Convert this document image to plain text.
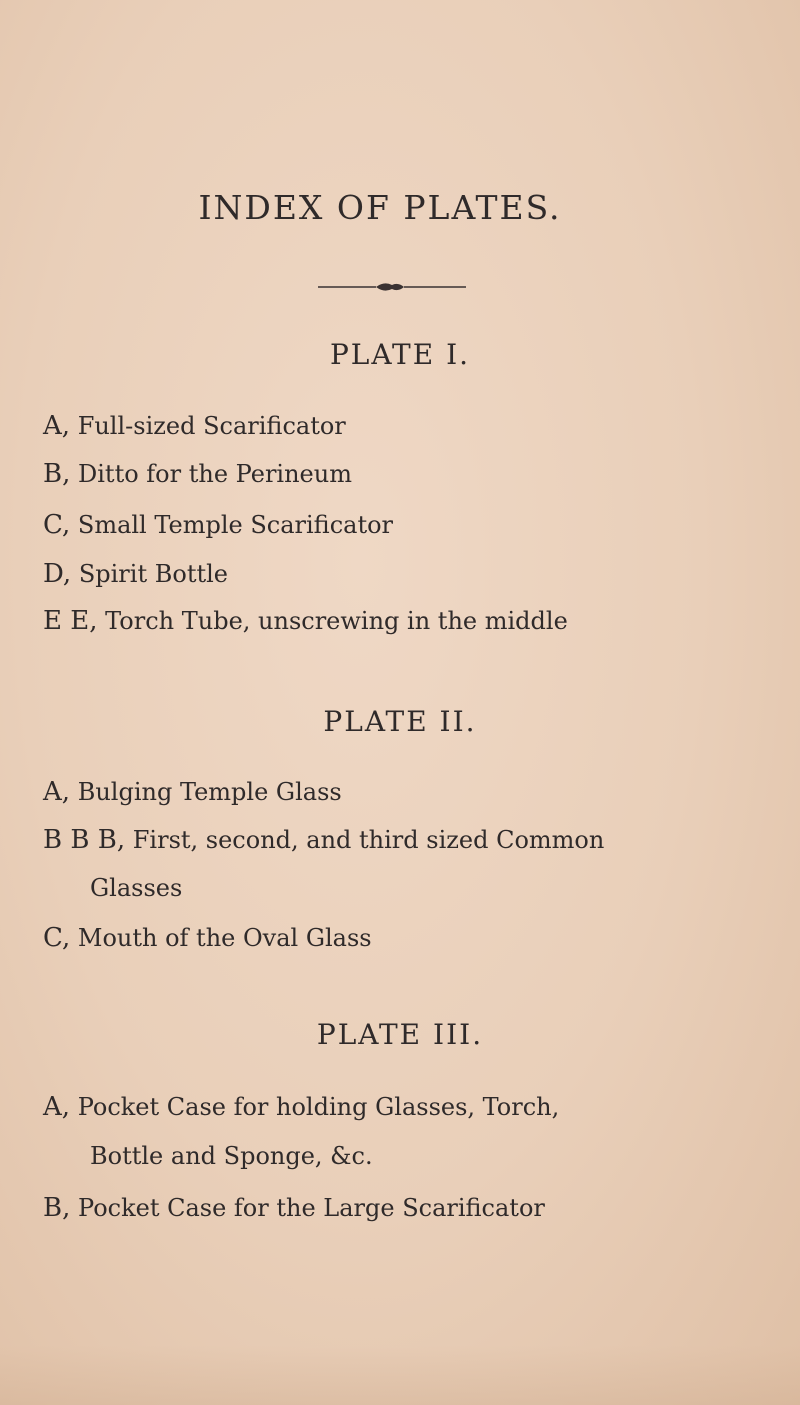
INDEX OF PLATES.
PLATE I.
A, Full-sized Scarificator
B, Ditto for the Perineum
C, Small Temple Scarificator
D, Spirit Bottle
E E, Torch Tube, unscrewing in the middle
PLATE II.
A, Bulging Temple Glass
B B B, First, second, and third sized Common
Glasses
C, Mouth of the Oval Glass
PLATE III.
A, Pocket Case for holding Glasses, Torch,
Bottle and Sponge, &c.
B, Pocket Case for the Large Scarificator
